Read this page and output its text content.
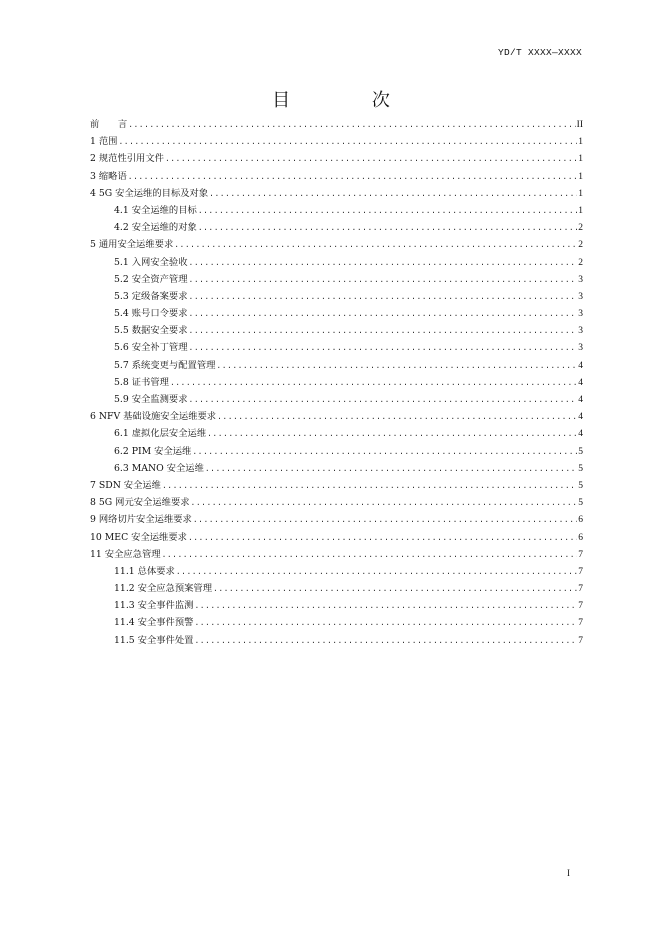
YD/T XXXX—XXXX
目 次
前　　言 .....	II
1 范围 .....	1
2 规范性引用文件 .....	1
3 缩略语 .....	1
4 5G 安全运维的目标及对象 .....	1
4.1 安全运维的目标 .....	1
4.2 安全运维的对象 .....	2
5 通用安全运维要求 .....	2
5.1 入网安全验收 .....	2
5.2 安全资产管理 .....	3
5.3 定级备案要求 .....	3
5.4 账号口令要求 .....	3
5.5 数据安全要求 .....	3
5.6 安全补丁管理 .....	3
5.7 系统变更与配置管理 .....	4
5.8 证书管理 .....	4
5.9 安全监测要求 .....	4
6 NFV 基础设施安全运维要求 .....	4
6.1 虚拟化层安全运维 .....	4
6.2 PIM 安全运维 .....	5
6.3 MANO 安全运维 .....	5
7 SDN 安全运维 .....	5
8 5G 网元安全运维要求 .....	5
9 网络切片安全运维要求 .....	6
10 MEC 安全运维要求 .....	6
11 安全应急管理 .....	7
11.1 总体要求 .....	7
11.2 安全应急预案管理 .....	7
11.3 安全事件监测 .....	7
11.4 安全事件预警 .....	7
11.5 安全事件处置 .....	7
I
